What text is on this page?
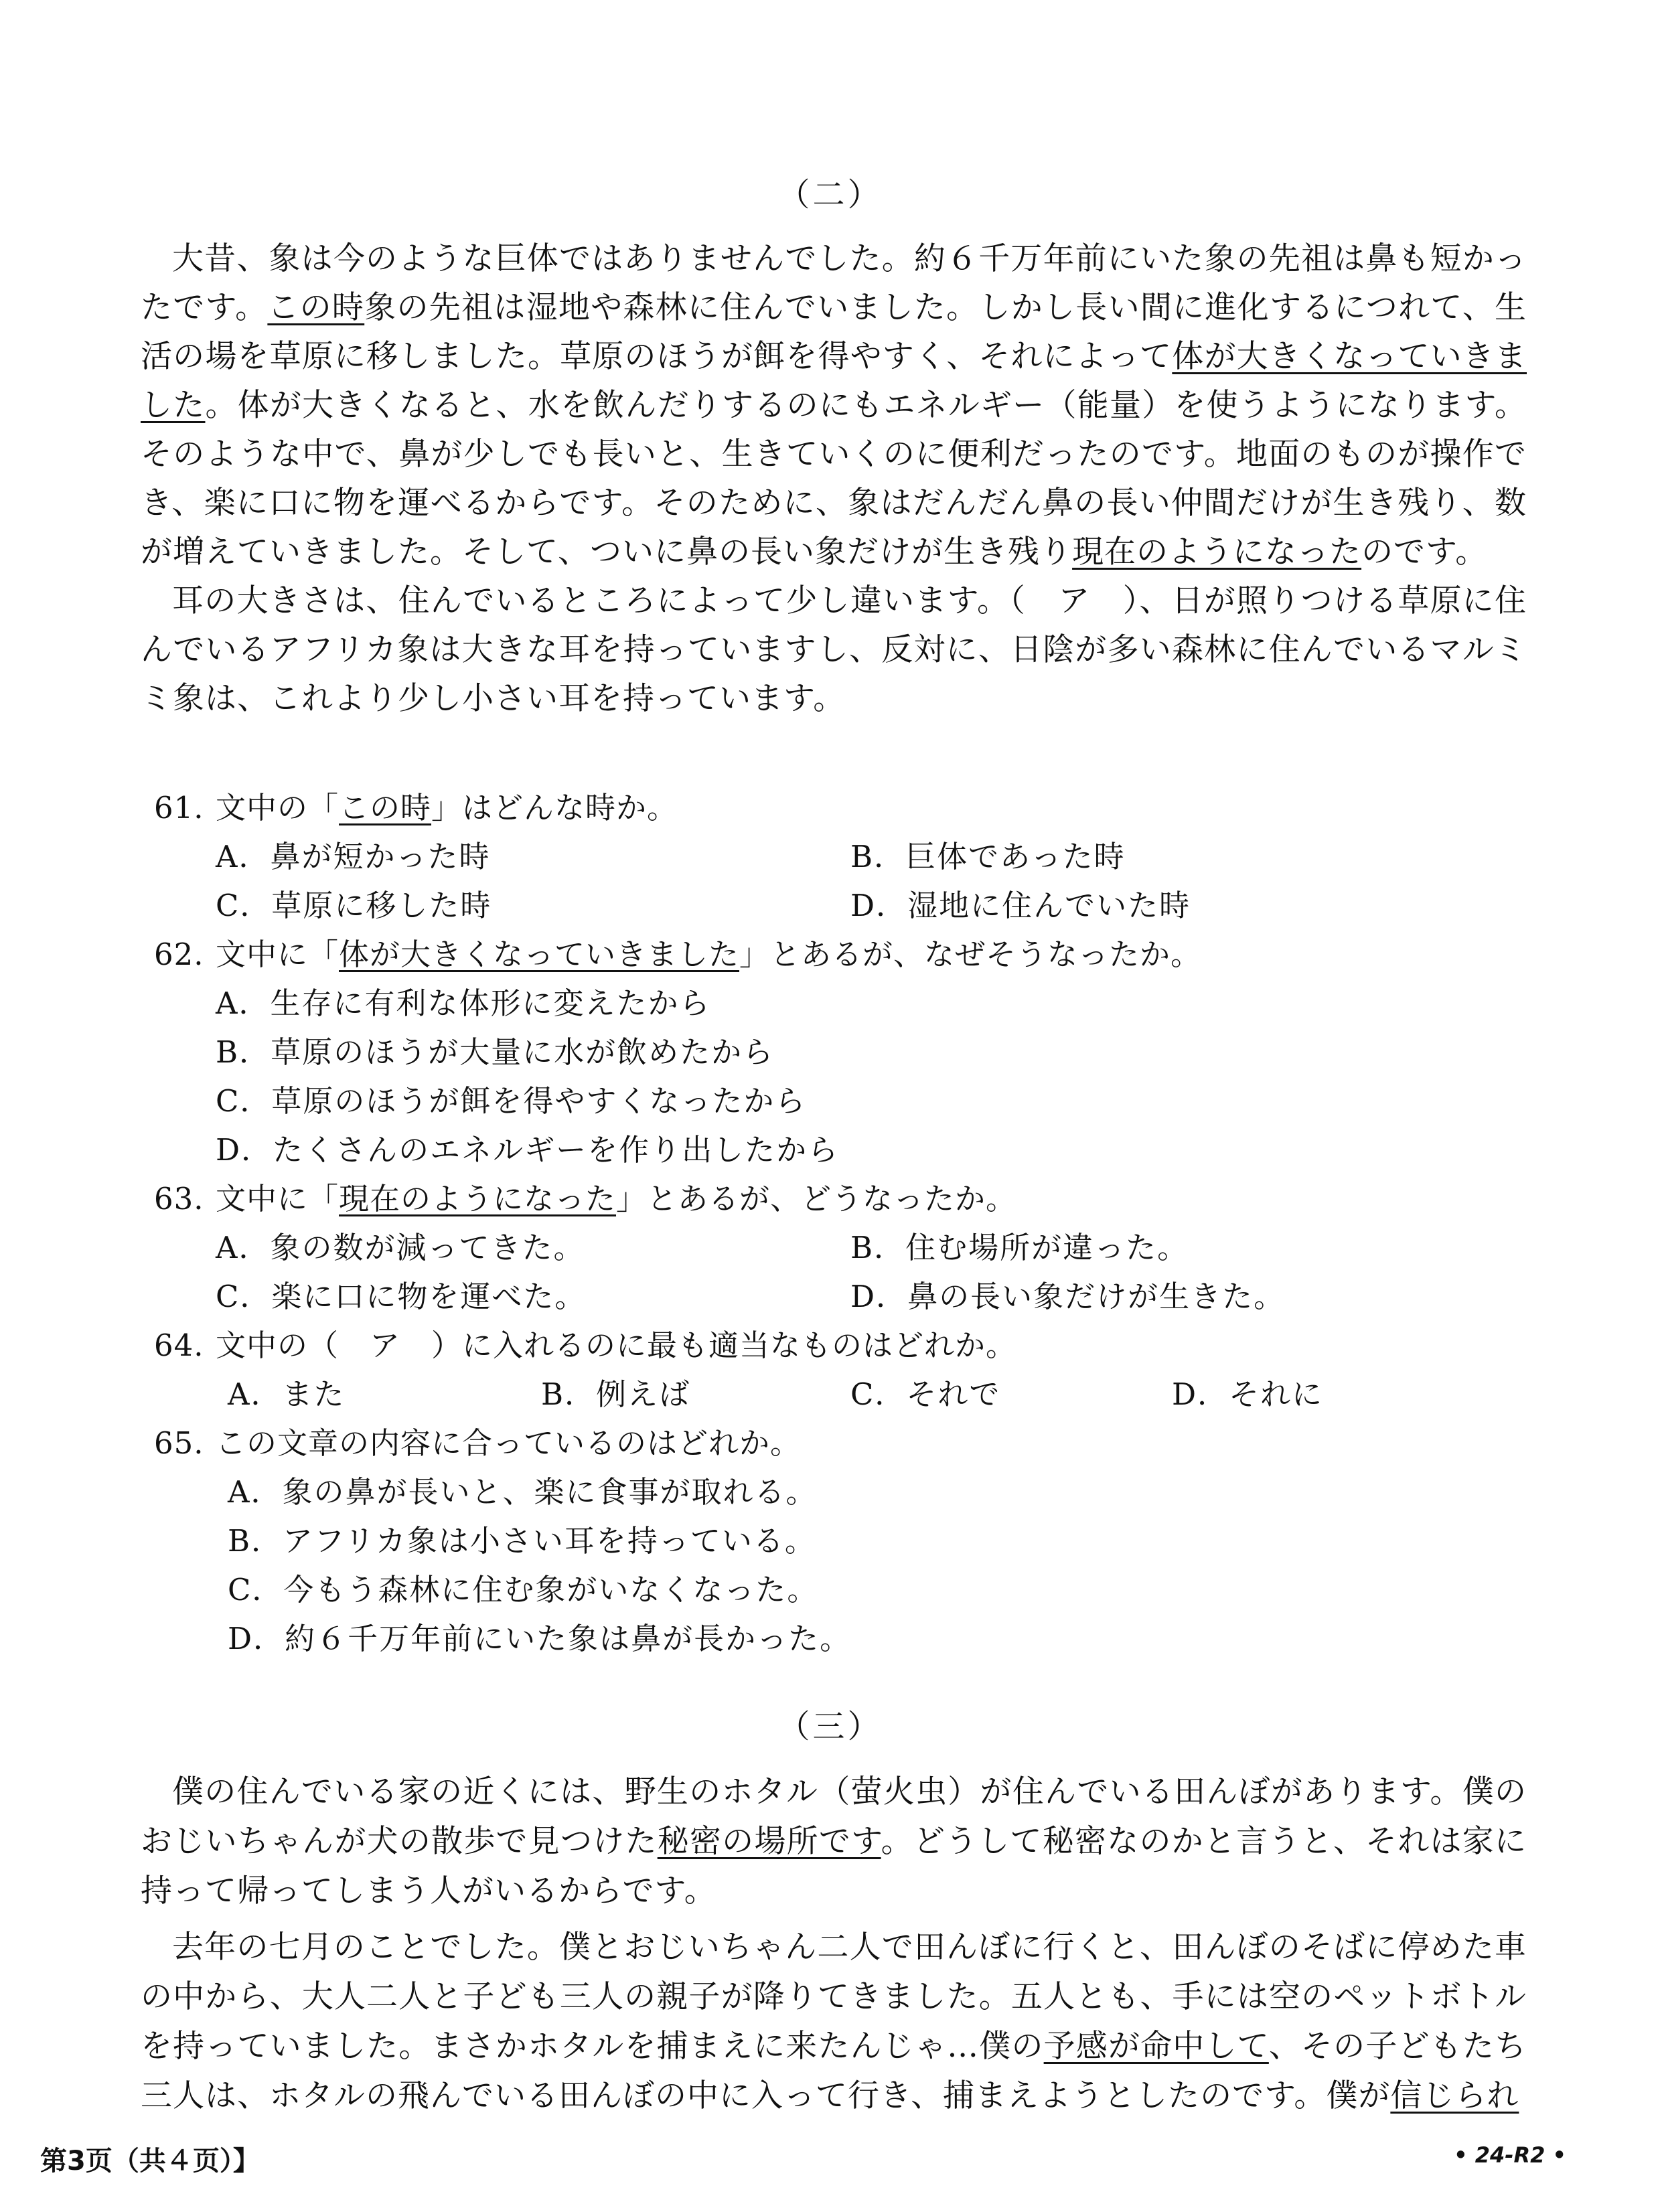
（二）

大昔、象は今のような巨体ではありませんでした。約６千万年前にいた象の先祖は鼻も短かったです。この時象の先祖は湿地や森林に住んでいました。しかし長い間に進化するにつれて、生活の場を草原に移しました。草原のほうが餌を得やすく、それによって体が大きくなっていきました。体が大きくなると、水を飲んだりするのにもエネルギー（能量）を使うようになります。そのような中で、鼻が少しでも長いと、生きていくのに便利だったのです。地面のものが操作でき、楽に口に物を運べるからです。そのために、象はだんだん鼻の長い仲間だけが生き残り、数が増えていきました。そして、ついに鼻の長い象だけが生き残り現在のようになったのです。

耳の大きさは、住んでいるところによって少し違います。（　ア　）、日が照りつける草原に住んでいるアフリカ象は大きな耳を持っていますし、反対に、日陰が多い森林に住んでいるマルミミ象は、これより少し小さい耳を持っています。

61. 文中の「この時」はどんな時か。
A．鼻が短かった時	B．巨体であった時
C．草原に移した時	D．湿地に住んでいた時
62. 文中に「体が大きくなっていきました」とあるが、なぜそうなったか。
A．生存に有利な体形に変えたから
B．草原のほうが大量に水が飲めたから
C．草原のほうが餌を得やすくなったから
D．たくさんのエネルギーを作り出したから
63. 文中に「現在のようになった」とあるが、どうなったか。
A．象の数が減ってきた。	B．住む場所が違った。
C．楽に口に物を運べた。	D．鼻の長い象だけが生きた。
64. 文中の（　ア　）に入れるのに最も適当なものはどれか。
A．また	B．例えば	C．それで	D．それに
65. この文章の内容に合っているのはどれか。
A．象の鼻が長いと、楽に食事が取れる。
B．アフリカ象は小さい耳を持っている。
C．今もう森林に住む象がいなくなった。
D．約６千万年前にいた象は鼻が長かった。
（三）

僕の住んでいる家の近くには、野生のホタル（萤火虫）が住んでいる田んぼがあります。僕のおじいちゃんが犬の散歩で見つけた秘密の場所です。どうして秘密なのかと言うと、それは家に持って帰ってしまう人がいるからです。

去年の七月のことでした。僕とおじいちゃん二人で田んぼに行くと、田んぼのそばに停めた車の中から、大人二人と子ども三人の親子が降りてきました。五人とも、手には空のペットボトルを持っていました。まさかホタルを捕まえに来たんじゃ…僕の予感が命中して、その子どもたち三人は、ホタルの飛んでいる田んぼの中に入って行き、捕まえようとしたのです。僕が信じられ

第3页（共４页）】	• 24-R2 •
